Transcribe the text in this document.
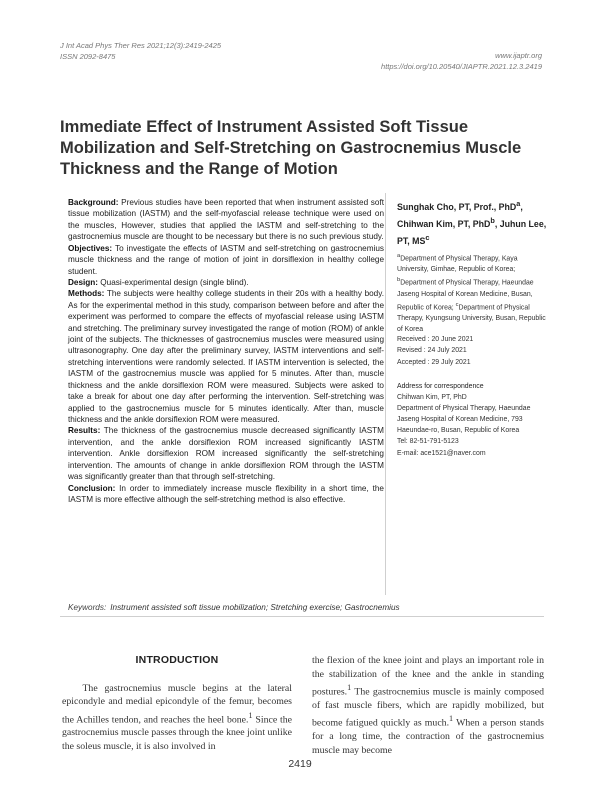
J Int Acad Phys Ther Res 2021;12(3):2419-2425
ISSN 2092-8475	www.ijaptr.org
https://doi.org/10.20540/JIAPTR.2021.12.3.2419
Immediate Effect of Instrument Assisted Soft Tissue Mobilization and Self-Stretching on Gastrocnemius Muscle Thickness and the Range of Motion

Background: Previous studies have been reported that when instrument assisted soft tissue mobilization (IASTM) and the self-myofascial release technique were used on the muscles, However, studies that applied the IASTM and self-stretching to the gastrocnemius muscle are thought to be necessary but there is no such previous study.

Objectives: To investigate the effects of IASTM and self-stretching on gastrocnemius muscle thickness and the range of motion of joint in dorsiflexion in healthy college student.

Design: Quasi-experimental design (single blind).

Methods: The subjects were healthy college students in their 20s with a healthy body. As for the experimental method in this study, comparison between before and after the experiment was performed to compare the effects of myofascial release using IASTM and stretching. The preliminary survey investigated the range of motion (ROM) of ankle joint of the subjects. The thicknesses of gastrocnemius muscles were measured using ultrasonography. One day after the preliminary survey, IASTM interventions and self-stretching interventions were randomly selected. If IASTM intervention is selected, the IASTM of the gastrocnemius muscle was applied for 5 minutes. After than, muscle thickness and the ankle dorsiflexion ROM were measured. Subjects were asked to take a break for about one day after performing the intervention. Self-stretching was applied to the gastrocnemius muscle for 5 minutes identically. After than, muscle thickness and the ankle dorsiflexion ROM were measured.

Results: The thickness of the gastrocnemius muscle decreased significantly IASTM intervention, and the ankle dorsiflexion ROM increased significantly IASTM intervention. Ankle dorsiflexion ROM increased significantly the self-stretching intervention. The amounts of change in ankle dorsiflexion ROM through the IASTM was significantly greater than that through self-stretching.

Conclusion: In order to immediately increase muscle flexibility in a short time, the IASTM is more effective although the self-stretching method is also effective.

Sunghak Cho, PT, Prof., PhD$^a$,
Chihwan Kim, PT, PhD$^b$, Juhun Lee,
PT, $MS^c$
$^a$Department of Physical Therapy, Kaya University, Gimhae, Republic of Korea; $^b$Department of Physical Therapy, Haeundae Jaseng Hospital of Korean Medicine, Busan, Republic of Korea; $^c$Department of Physical Therapy, Kyungsung University, Busan, Republic of Korea
Received : 20 June 2021
Revised : 24 July 2021
Accepted : 29 July 2021
Address for correspondence
Chihwan Kim, PT, PhD
Department of Physical Therapy, Haeundae Jaseng Hospital of Korean Medicine, 793 Haeundae-ro, Busan, Republic of Korea
Tel: 82-51-791-5123
E-mail: ace1521@naver.com
Keywords: Instrument assisted soft tissue mobilization; Stretching exercise; Gastrocnemius
INTRODUCTION

The gastrocnemius muscle begins at the lateral epicondyle and medial epicondyle of the femur, becomes the Achilles tendon, and reaches the heel bone.$^1$ Since the gastrocnemius muscle passes through the knee joint unlike the soleus muscle, it is also involved in

the flexion of the knee joint and plays an important role in the stabilization of the knee and the ankle in standing postures.$^1$ The gastrocnemius muscle is mainly composed of fast muscle fibers, which are rapidly mobilized, but become fatigued quickly as much.$^1$ When a person stands for a long time, the contraction of the gastrocnemius muscle may become

2419
